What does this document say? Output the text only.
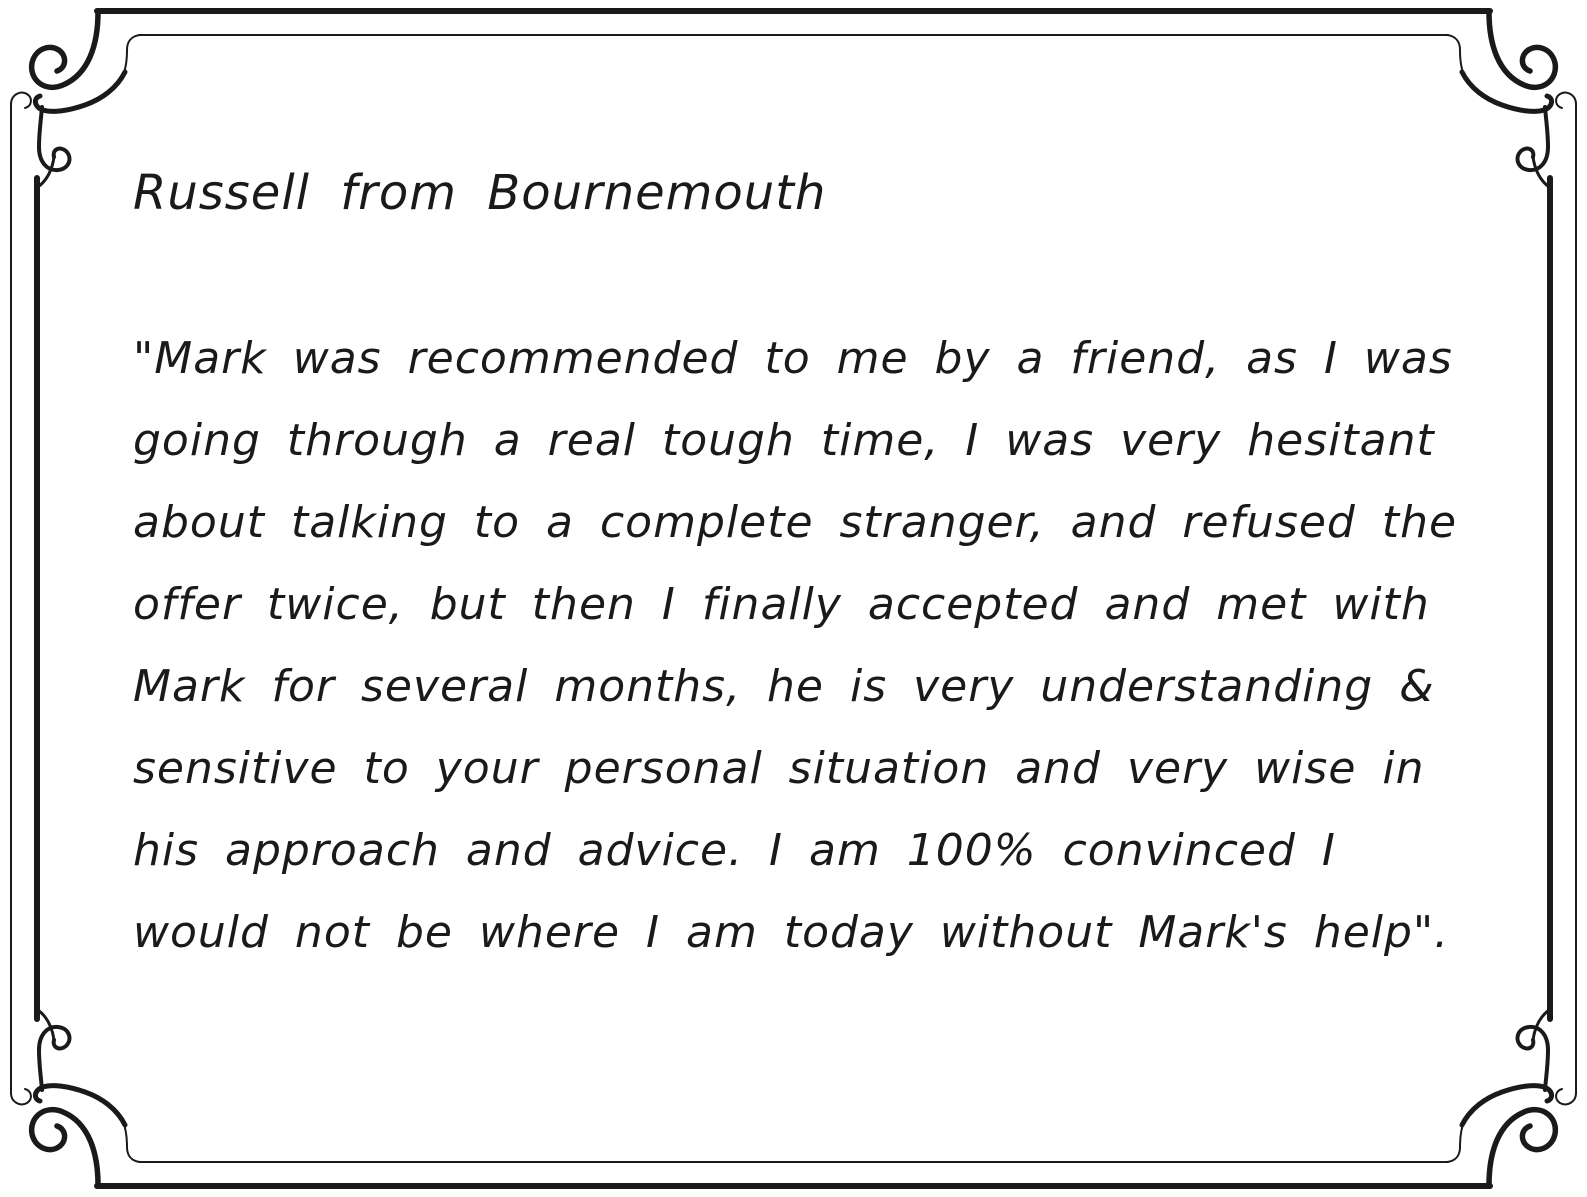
Russell from Bournemouth
"Mark was recommended to me by a friend, as I was
going through a real tough time, I was very hesitant
about talking to a complete stranger, and refused the
offer twice, but then I finally accepted and met with
Mark for several months, he is very understanding &
sensitive to your personal situation and very wise in
his approach and advice. I am 100% convinced I
would not be where I am today without Mark's help".
